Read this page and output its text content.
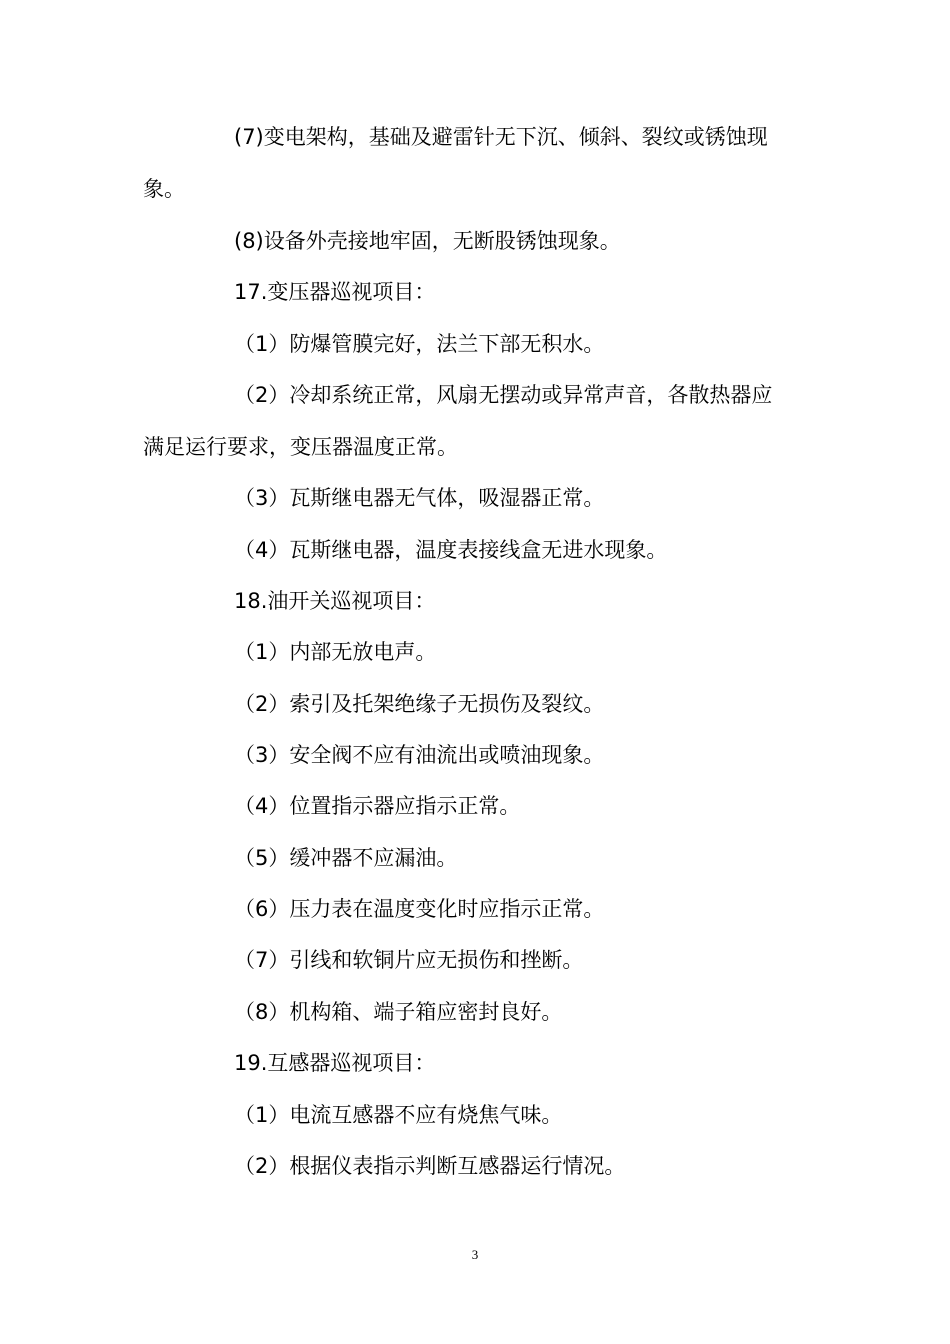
(7)变电架构，基础及避雷针无下沉、倾斜、裂纹或锈蚀现
象。
(8)设备外壳接地牢固，无断股锈蚀现象。
17.变压器巡视项目：
（1）防爆管膜完好，法兰下部无积水。
（2）冷却系统正常，风扇无摆动或异常声音，各散热器应
满足运行要求，变压器温度正常。
（3）瓦斯继电器无气体，吸湿器正常。
（4）瓦斯继电器，温度表接线盒无进水现象。
18.油开关巡视项目：
（1）内部无放电声。
（2）索引及托架绝缘子无损伤及裂纹。
（3）安全阀不应有油流出或喷油现象。
（4）位置指示器应指示正常。
（5）缓冲器不应漏油。
（6）压力表在温度变化时应指示正常。
（7）引线和软铜片应无损伤和挫断。
（8）机构箱、端子箱应密封良好。
19.互感器巡视项目：
（1）电流互感器不应有烧焦气味。
（2）根据仪表指示判断互感器运行情况。
3
